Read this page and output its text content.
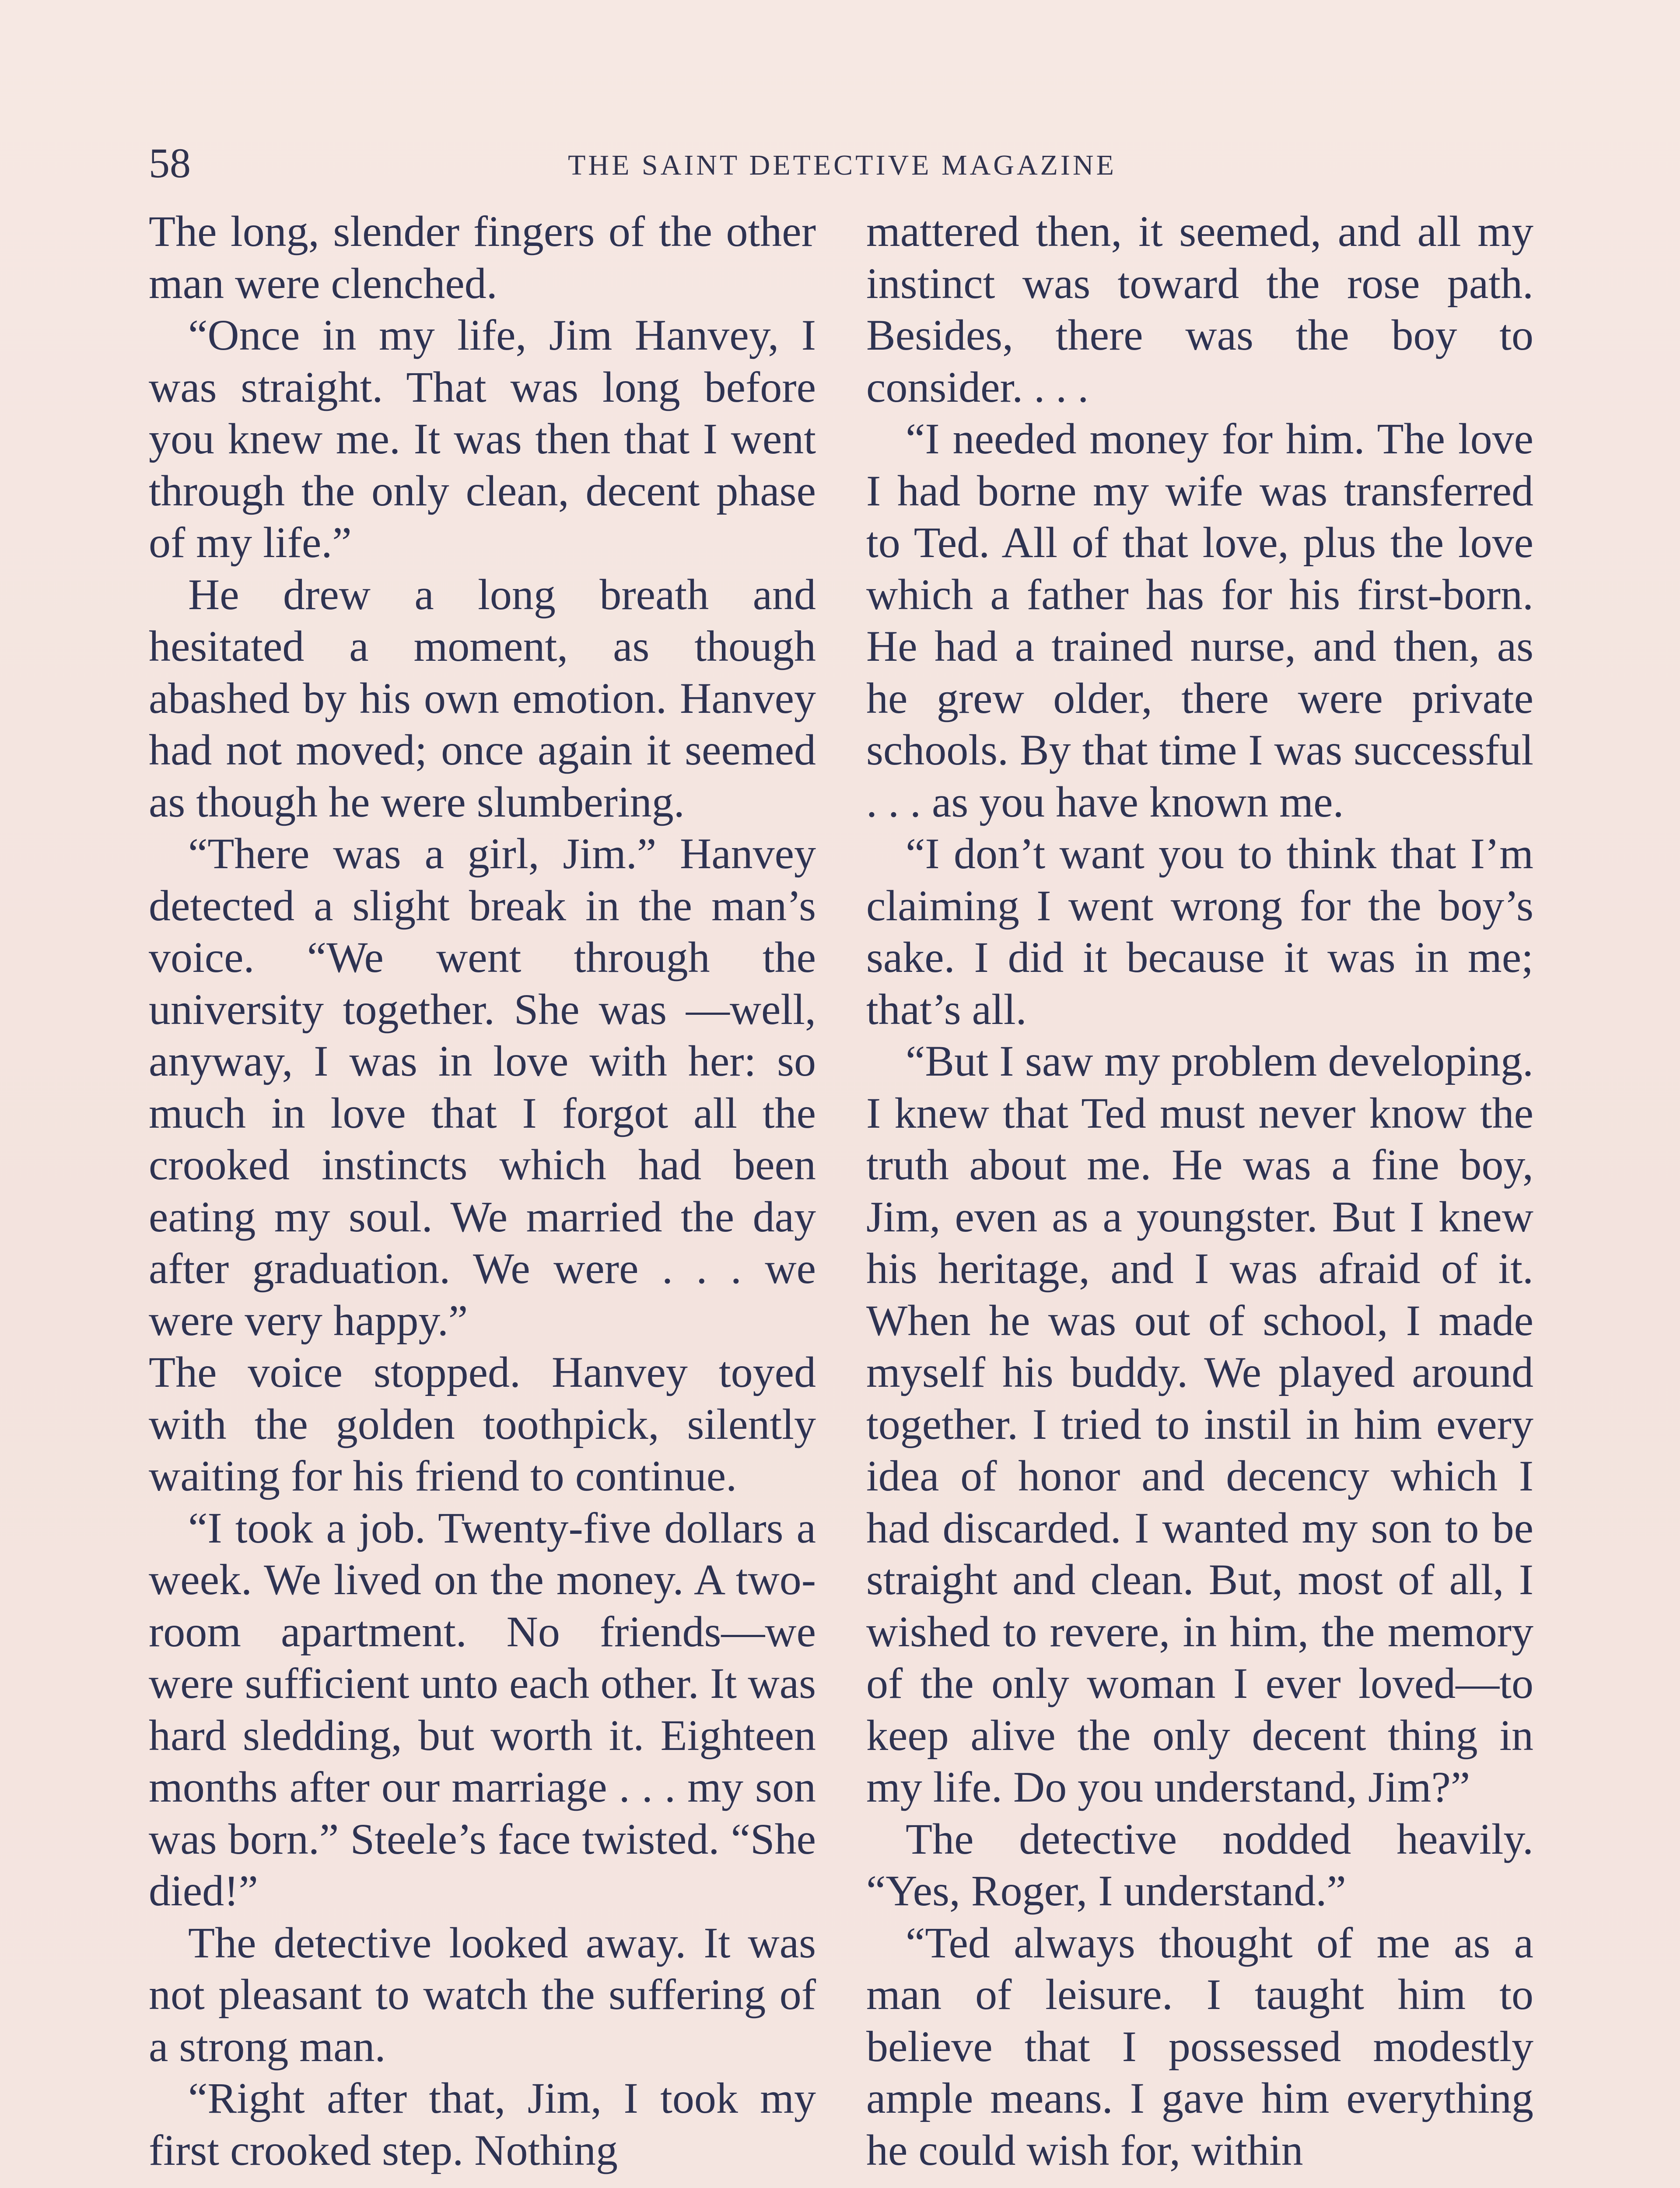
58	THE SAINT DETECTIVE MAGAZINE

The long, slender fingers of the other man were clenched.

“Once in my life, Jim Hanvey, I was straight. That was long before you knew me. It was then that I went through the only clean, decent phase of my life.”

He drew a long breath and hesitated a moment, as though abashed by his own emotion. Hanvey had not moved; once again it seemed as though he were slumbering.

“There was a girl, Jim.” Hanvey detected a slight break in the man’s voice. “We went through the university together. She was —well, anyway, I was in love with her: so much in love that I forgot all the crooked instincts which had been eating my soul. We married the day after graduation. We were . . . we were very happy.”

The voice stopped. Hanvey toyed with the golden toothpick, silently waiting for his friend to continue.

“I took a job. Twenty-five dollars a week. We lived on the money. A two-room apartment. No friends—we were sufficient unto each other. It was hard sledding, but worth it. Eighteen months after our marriage . . . my son was born.” Steele’s face twisted. “She died!”

The detective looked away. It was not pleasant to watch the suffering of a strong man.

“Right after that, Jim, I took my first crooked step. Nothing

mattered then, it seemed, and all my instinct was toward the rose path. Besides, there was the boy to consider. . . .

“I needed money for him. The love I had borne my wife was transferred to Ted. All of that love, plus the love which a father has for his first-born. He had a trained nurse, and then, as he grew older, there were private schools. By that time I was successful . . . as you have known me.

“I don’t want you to think that I’m claiming I went wrong for the boy’s sake. I did it because it was in me; that’s all.

“But I saw my problem developing. I knew that Ted must never know the truth about me. He was a fine boy, Jim, even as a youngster. But I knew his heritage, and I was afraid of it. When he was out of school, I made myself his buddy. We played around together. I tried to instil in him every idea of honor and decency which I had discarded. I wanted my son to be straight and clean. But, most of all, I wished to revere, in him, the memory of the only woman I ever loved—to keep alive the only decent thing in my life. Do you understand, Jim?”

The detective nodded heavily. “Yes, Roger, I understand.”

“Ted always thought of me as a man of leisure. I taught him to believe that I possessed modestly ample means. I gave him everything he could wish for, within
